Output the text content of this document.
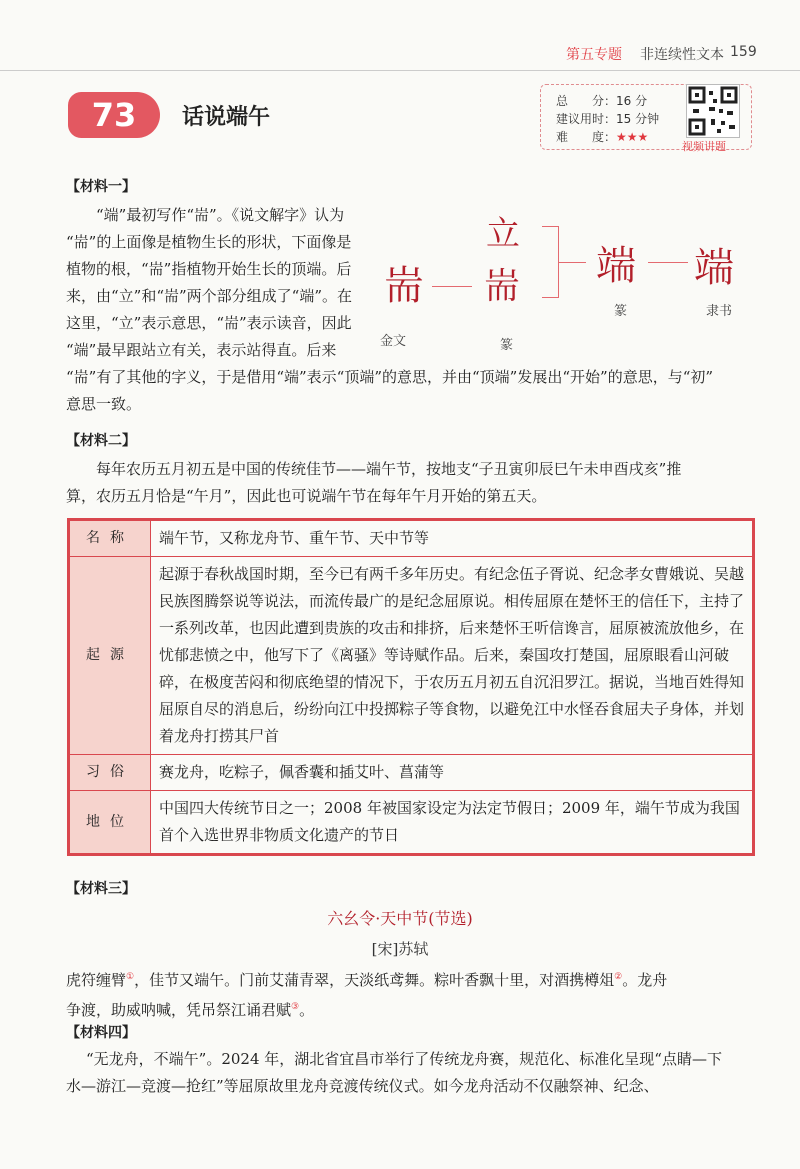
第五专题 非连续性文本 159
73	话说端午
总　　分：16 分
建议用时：15 分钟
难　　度：★★★
视频讲题
【材料一】

“端”最初写作“耑”。《说文解字》认为

“耑”的上面像是植物生长的形状，下面像是

植物的根，“耑”指植物开始生长的顶端。后

来，由“立”和“耑”两个部分组成了“端”。在

这里，“立”表示意思，“耑”表示读音，因此

“端”最早跟站立有关，表示站得直。后来

耑
金文
立
耑
篆
端
篆
端
隶书

“耑”有了其他的字义，于是借用“端”表示“顶端”的意思，并由“顶端”发展出“开始”的意思，与“初”

意思一致。

【材料二】

每年农历五月初五是中国的传统佳节——端午节，按地支“子丑寅卯辰巳午未申酉戌亥”推

算，农历五月恰是“午月”，因此也可说端午节在每年午月开始的第五天。

名称	端午节，又称龙舟节、重午节、天中节等
起源	起源于春秋战国时期，至今已有两千多年历史。有纪念伍子胥说、纪念孝女曹娥说、吴越民族图腾祭说等说法，而流传最广的是纪念屈原说。相传屈原在楚怀王的信任下，主持了一系列改革，也因此遭到贵族的攻击和排挤，后来楚怀王听信谗言，屈原被流放他乡，在忧郁悲愤之中，他写下了《离骚》等诗赋作品。后来，秦国攻打楚国，屈原眼看山河破碎，在极度苦闷和彻底绝望的情况下，于农历五月初五自沉汨罗江。据说，当地百姓得知屈原自尽的消息后，纷纷向江中投掷粽子等食物，以避免江中水怪吞食屈夫子身体，并划着龙舟打捞其尸首
习俗	赛龙舟，吃粽子，佩香囊和插艾叶、菖蒲等
地位	中国四大传统节日之一；2008 年被国家设定为法定节假日；2009 年，端午节成为我国首个入选世界非物质文化遗产的节日
【材料三】
六幺令·天中节(节选)
[宋]苏轼

虎符缠臂①，佳节又端午。门前艾蒲青翠，天淡纸鸢舞。粽叶香飘十里，对酒携樽俎②。龙舟

争渡，助威呐喊，凭吊祭江诵君赋③。

【材料四】

“无龙舟，不端午”。2024 年，湖北省宜昌市举行了传统龙舟赛，规范化、标准化呈现“点睛—下

水—游江—竞渡—抢红”等屈原故里龙舟竞渡传统仪式。如今龙舟活动不仅融祭神、纪念、
